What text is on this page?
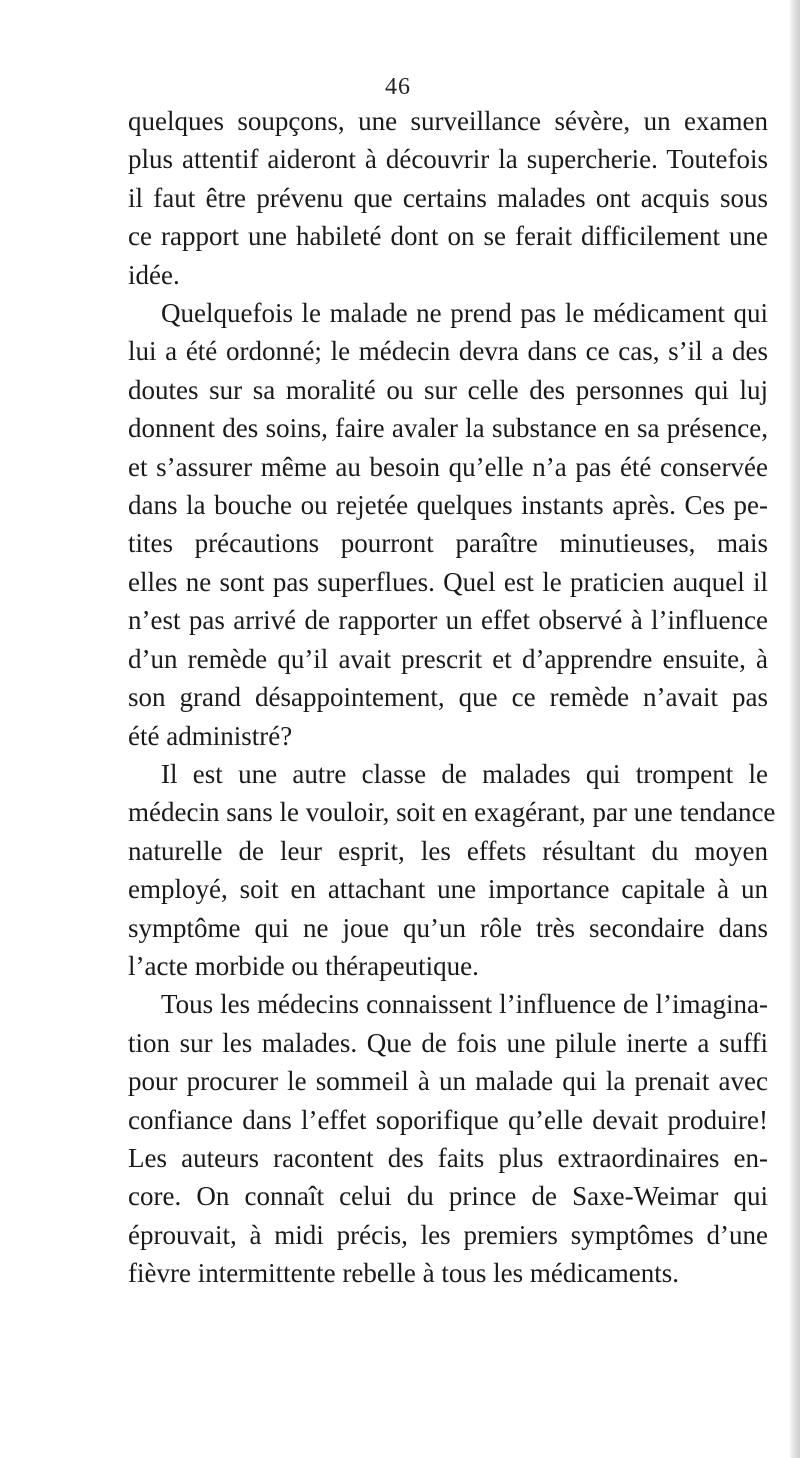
46
quelques soupçons, une surveillance sévère, un examen
plus attentif aideront à découvrir la supercherie. Toutefois
il faut être prévenu que certains malades ont acquis sous
ce rapport une habileté dont on se ferait difficilement une
idée.
Quelquefois le malade ne prend pas le médicament qui
lui a été ordonné; le médecin devra dans ce cas, s’il a des
doutes sur sa moralité ou sur celle des personnes qui luj
donnent des soins, faire avaler la substance en sa présence,
et s’assurer même au besoin qu’elle n’a pas été conservée
dans la bouche ou rejetée quelques instants après. Ces pe-
tites précautions pourront paraître minutieuses, mais
elles ne sont pas superflues. Quel est le praticien auquel il
n’est pas arrivé de rapporter un effet observé à l’influence
d’un remède qu’il avait prescrit et d’apprendre ensuite, à
son grand désappointement, que ce remède n’avait pas
été administré?
Il est une autre classe de malades qui trompent le
médecin sans le vouloir, soit en exagérant, par une tendance
naturelle de leur esprit, les effets résultant du moyen
employé, soit en attachant une importance capitale à un
symptôme qui ne joue qu’un rôle très secondaire dans
l’acte morbide ou thérapeutique.
Tous les médecins connaissent l’influence de l’imagina-
tion sur les malades. Que de fois une pilule inerte a suffi
pour procurer le sommeil à un malade qui la prenait avec
confiance dans l’effet soporifique qu’elle devait produire!
Les auteurs racontent des faits plus extraordinaires en-
core. On connaît celui du prince de Saxe-Weimar qui
éprouvait, à midi précis, les premiers symptômes d’une
fièvre intermittente rebelle à tous les médicaments.
